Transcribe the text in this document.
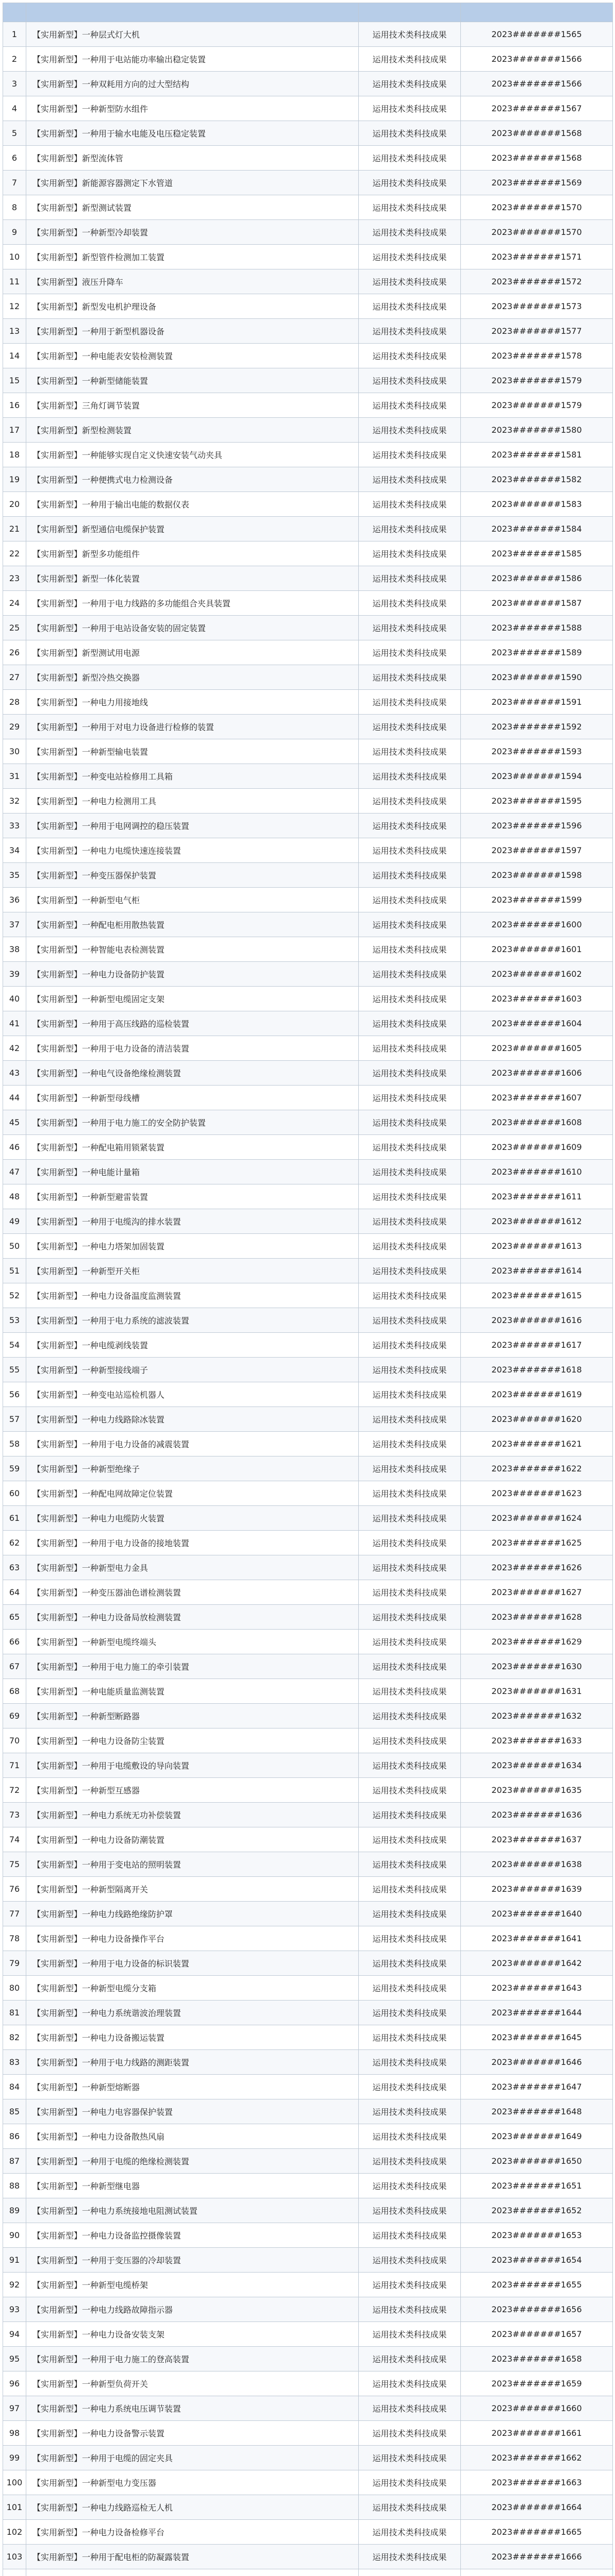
1	【实用新型】一种层式灯大机	运用技术类科技成果	2023#######1565
2	【实用新型】一种用于电站能功率输出稳定装置	运用技术类科技成果	2023#######1566
3	【实用新型】一种双耗用方向的过大型结构	运用技术类科技成果	2023#######1566
4	【实用新型】一种新型防水组件	运用技术类科技成果	2023#######1567
5	【实用新型】一种用于输水电能及电压稳定装置	运用技术类科技成果	2023#######1568
6	【实用新型】新型流体管	运用技术类科技成果	2023#######1568
7	【实用新型】新能源容器测定下水管道	运用技术类科技成果	2023#######1569
8	【实用新型】新型测试装置	运用技术类科技成果	2023#######1570
9	【实用新型】一种新型冷却装置	运用技术类科技成果	2023#######1570
10	【实用新型】新型管件检测加工装置	运用技术类科技成果	2023#######1571
11	【实用新型】液压升降车	运用技术类科技成果	2023#######1572
12	【实用新型】新型发电机护理设备	运用技术类科技成果	2023#######1573
13	【实用新型】一种用于新型机器设备	运用技术类科技成果	2023#######1577
14	【实用新型】一种电能表安装检测装置	运用技术类科技成果	2023#######1578
15	【实用新型】一种新型储能装置	运用技术类科技成果	2023#######1579
16	【实用新型】三角灯调节装置	运用技术类科技成果	2023#######1579
17	【实用新型】新型检测装置	运用技术类科技成果	2023#######1580
18	【实用新型】一种能够实现自定义快速安装气动夹具	运用技术类科技成果	2023#######1581
19	【实用新型】一种便携式电力检测设备	运用技术类科技成果	2023#######1582
20	【实用新型】一种用于输出电能的数据仪表	运用技术类科技成果	2023#######1583
21	【实用新型】新型通信电缆保护装置	运用技术类科技成果	2023#######1584
22	【实用新型】新型多功能组件	运用技术类科技成果	2023#######1585
23	【实用新型】新型一体化装置	运用技术类科技成果	2023#######1586
24	【实用新型】一种用于电力线路的多功能组合夹具装置	运用技术类科技成果	2023#######1587
25	【实用新型】一种用于电站设备安装的固定装置	运用技术类科技成果	2023#######1588
26	【实用新型】新型测试用电源	运用技术类科技成果	2023#######1589
27	【实用新型】新型冷热交换器	运用技术类科技成果	2023#######1590
28	【实用新型】一种电力用接地线	运用技术类科技成果	2023#######1591
29	【实用新型】一种用于对电力设备进行检修的装置	运用技术类科技成果	2023#######1592
30	【实用新型】一种新型输电装置	运用技术类科技成果	2023#######1593
31	【实用新型】一种变电站检修用工具箱	运用技术类科技成果	2023#######1594
32	【实用新型】一种电力检测用工具	运用技术类科技成果	2023#######1595
33	【实用新型】一种用于电网调控的稳压装置	运用技术类科技成果	2023#######1596
34	【实用新型】一种电力电缆快速连接装置	运用技术类科技成果	2023#######1597
35	【实用新型】一种变压器保护装置	运用技术类科技成果	2023#######1598
36	【实用新型】一种新型电气柜	运用技术类科技成果	2023#######1599
37	【实用新型】一种配电柜用散热装置	运用技术类科技成果	2023#######1600
38	【实用新型】一种智能电表检测装置	运用技术类科技成果	2023#######1601
39	【实用新型】一种电力设备防护装置	运用技术类科技成果	2023#######1602
40	【实用新型】一种新型电缆固定支架	运用技术类科技成果	2023#######1603
41	【实用新型】一种用于高压线路的巡检装置	运用技术类科技成果	2023#######1604
42	【实用新型】一种用于电力设备的清洁装置	运用技术类科技成果	2023#######1605
43	【实用新型】一种电气设备绝缘检测装置	运用技术类科技成果	2023#######1606
44	【实用新型】一种新型母线槽	运用技术类科技成果	2023#######1607
45	【实用新型】一种用于电力施工的安全防护装置	运用技术类科技成果	2023#######1608
46	【实用新型】一种配电箱用锁紧装置	运用技术类科技成果	2023#######1609
47	【实用新型】一种电能计量箱	运用技术类科技成果	2023#######1610
48	【实用新型】一种新型避雷装置	运用技术类科技成果	2023#######1611
49	【实用新型】一种用于电缆沟的排水装置	运用技术类科技成果	2023#######1612
50	【实用新型】一种电力塔架加固装置	运用技术类科技成果	2023#######1613
51	【实用新型】一种新型开关柜	运用技术类科技成果	2023#######1614
52	【实用新型】一种电力设备温度监测装置	运用技术类科技成果	2023#######1615
53	【实用新型】一种用于电力系统的滤波装置	运用技术类科技成果	2023#######1616
54	【实用新型】一种电缆剥线装置	运用技术类科技成果	2023#######1617
55	【实用新型】一种新型接线端子	运用技术类科技成果	2023#######1618
56	【实用新型】一种变电站巡检机器人	运用技术类科技成果	2023#######1619
57	【实用新型】一种电力线路除冰装置	运用技术类科技成果	2023#######1620
58	【实用新型】一种用于电力设备的减震装置	运用技术类科技成果	2023#######1621
59	【实用新型】一种新型绝缘子	运用技术类科技成果	2023#######1622
60	【实用新型】一种配电网故障定位装置	运用技术类科技成果	2023#######1623
61	【实用新型】一种电力电缆防火装置	运用技术类科技成果	2023#######1624
62	【实用新型】一种用于电力设备的接地装置	运用技术类科技成果	2023#######1625
63	【实用新型】一种新型电力金具	运用技术类科技成果	2023#######1626
64	【实用新型】一种变压器油色谱检测装置	运用技术类科技成果	2023#######1627
65	【实用新型】一种电力设备局放检测装置	运用技术类科技成果	2023#######1628
66	【实用新型】一种新型电缆终端头	运用技术类科技成果	2023#######1629
67	【实用新型】一种用于电力施工的牵引装置	运用技术类科技成果	2023#######1630
68	【实用新型】一种电能质量监测装置	运用技术类科技成果	2023#######1631
69	【实用新型】一种新型断路器	运用技术类科技成果	2023#######1632
70	【实用新型】一种电力设备防尘装置	运用技术类科技成果	2023#######1633
71	【实用新型】一种用于电缆敷设的导向装置	运用技术类科技成果	2023#######1634
72	【实用新型】一种新型互感器	运用技术类科技成果	2023#######1635
73	【实用新型】一种电力系统无功补偿装置	运用技术类科技成果	2023#######1636
74	【实用新型】一种电力设备防潮装置	运用技术类科技成果	2023#######1637
75	【实用新型】一种用于变电站的照明装置	运用技术类科技成果	2023#######1638
76	【实用新型】一种新型隔离开关	运用技术类科技成果	2023#######1639
77	【实用新型】一种电力线路绝缘防护罩	运用技术类科技成果	2023#######1640
78	【实用新型】一种电力设备操作平台	运用技术类科技成果	2023#######1641
79	【实用新型】一种用于电力设备的标识装置	运用技术类科技成果	2023#######1642
80	【实用新型】一种新型电缆分支箱	运用技术类科技成果	2023#######1643
81	【实用新型】一种电力系统谐波治理装置	运用技术类科技成果	2023#######1644
82	【实用新型】一种电力设备搬运装置	运用技术类科技成果	2023#######1645
83	【实用新型】一种用于电力线路的测距装置	运用技术类科技成果	2023#######1646
84	【实用新型】一种新型熔断器	运用技术类科技成果	2023#######1647
85	【实用新型】一种电力电容器保护装置	运用技术类科技成果	2023#######1648
86	【实用新型】一种电力设备散热风扇	运用技术类科技成果	2023#######1649
87	【实用新型】一种用于电缆的绝缘检测装置	运用技术类科技成果	2023#######1650
88	【实用新型】一种新型继电器	运用技术类科技成果	2023#######1651
89	【实用新型】一种电力系统接地电阻测试装置	运用技术类科技成果	2023#######1652
90	【实用新型】一种电力设备监控摄像装置	运用技术类科技成果	2023#######1653
91	【实用新型】一种用于变压器的冷却装置	运用技术类科技成果	2023#######1654
92	【实用新型】一种新型电缆桥架	运用技术类科技成果	2023#######1655
93	【实用新型】一种电力线路故障指示器	运用技术类科技成果	2023#######1656
94	【实用新型】一种电力设备安装支架	运用技术类科技成果	2023#######1657
95	【实用新型】一种用于电力施工的登高装置	运用技术类科技成果	2023#######1658
96	【实用新型】一种新型负荷开关	运用技术类科技成果	2023#######1659
97	【实用新型】一种电力系统电压调节装置	运用技术类科技成果	2023#######1660
98	【实用新型】一种电力设备警示装置	运用技术类科技成果	2023#######1661
99	【实用新型】一种用于电缆的固定夹具	运用技术类科技成果	2023#######1662
100	【实用新型】一种新型电力变压器	运用技术类科技成果	2023#######1663
101	【实用新型】一种电力线路巡检无人机	运用技术类科技成果	2023#######1664
102	【实用新型】一种电力设备检修平台	运用技术类科技成果	2023#######1665
103	【实用新型】一种用于配电柜的防凝露装置	运用技术类科技成果	2023#######1666
